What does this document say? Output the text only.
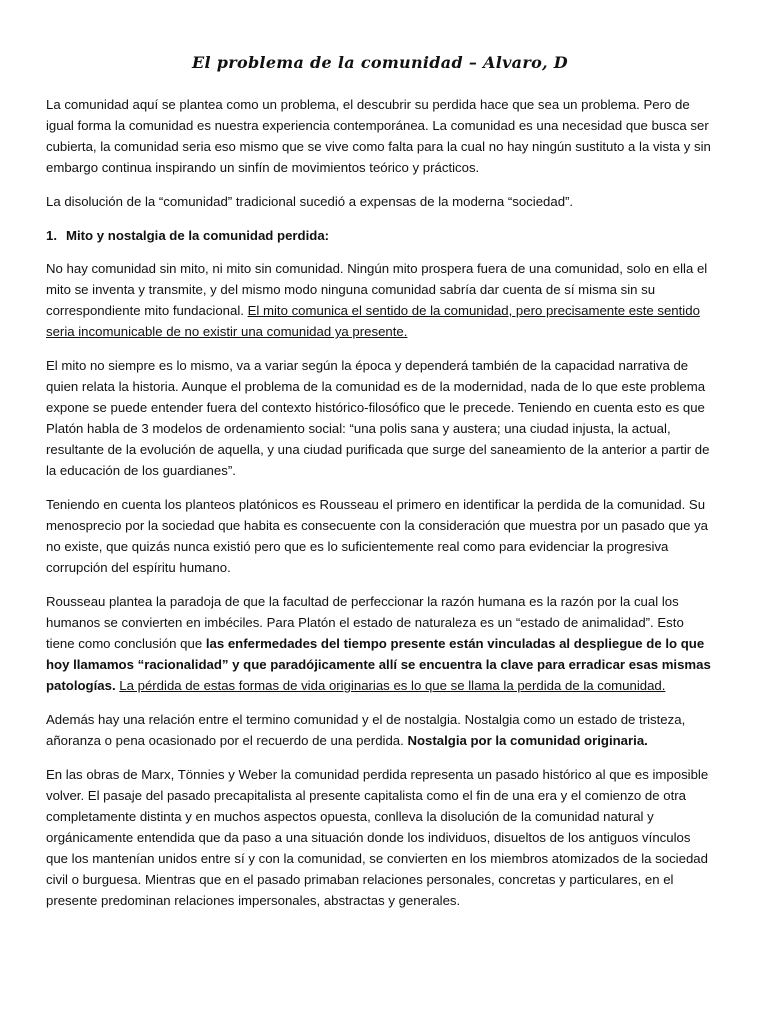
El problema de la comunidad – Alvaro, D

La comunidad aquí se plantea como un problema, el descubrir su perdida hace que sea un problema. Pero de igual forma la comunidad es nuestra experiencia contemporánea. La comunidad es una necesidad que busca ser cubierta, la comunidad seria eso mismo que se vive como falta para la cual no hay ningún sustituto a la vista y sin embargo continua inspirando un sinfín de movimientos teórico y prácticos.

La disolución de la “comunidad” tradicional sucedió a expensas de la moderna “sociedad”.

1. Mito y nostalgia de la comunidad perdida:

No hay comunidad sin mito, ni mito sin comunidad. Ningún mito prospera fuera de una comunidad, solo en ella el mito se inventa y transmite, y del mismo modo ninguna comunidad sabría dar cuenta de sí misma sin su correspondiente mito fundacional. El mito comunica el sentido de la comunidad, pero precisamente este sentido seria incomunicable de no existir una comunidad ya presente.

El mito no siempre es lo mismo, va a variar según la época y dependerá también de la capacidad narrativa de quien relata la historia. Aunque el problema de la comunidad es de la modernidad, nada de lo que este problema expone se puede entender fuera del contexto histórico-filosófico que le precede. Teniendo en cuenta esto es que Platón habla de 3 modelos de ordenamiento social: “una polis sana y austera; una ciudad injusta, la actual, resultante de la evolución de aquella, y una ciudad purificada que surge del saneamiento de la anterior a partir de la educación de los guardianes”.

Teniendo en cuenta los planteos platónicos es Rousseau el primero en identificar la perdida de la comunidad. Su menosprecio por la sociedad que habita es consecuente con la consideración que muestra por un pasado que ya no existe, que quizás nunca existió pero que es lo suficientemente real como para evidenciar la progresiva corrupción del espíritu humano.

Rousseau plantea la paradoja de que la facultad de perfeccionar la razón humana es la razón por la cual los humanos se convierten en imbéciles. Para Platón el estado de naturaleza es un “estado de animalidad”. Esto tiene como conclusión que las enfermedades del tiempo presente están vinculadas al despliegue de lo que hoy llamamos “racionalidad” y que paradójicamente allí se encuentra la clave para erradicar esas mismas patologías. La pérdida de estas formas de vida originarias es lo que se llama la perdida de la comunidad.

Además hay una relación entre el termino comunidad y el de nostalgia. Nostalgia como un estado de tristeza, añoranza o pena ocasionado por el recuerdo de una perdida. Nostalgia por la comunidad originaria.

En las obras de Marx, Tönnies y Weber la comunidad perdida representa un pasado histórico al que es imposible volver. El pasaje del pasado precapitalista al presente capitalista como el fin de una era y el comienzo de otra completamente distinta y en muchos aspectos opuesta, conlleva la disolución de la comunidad natural y orgánicamente entendida que da paso a una situación donde los individuos, disueltos de los antiguos vínculos que los mantenían unidos entre sí y con la comunidad, se convierten en los miembros atomizados de la sociedad civil o burguesa. Mientras que en el pasado primaban relaciones personales, concretas y particulares, en el presente predominan relaciones impersonales, abstractas y generales.
